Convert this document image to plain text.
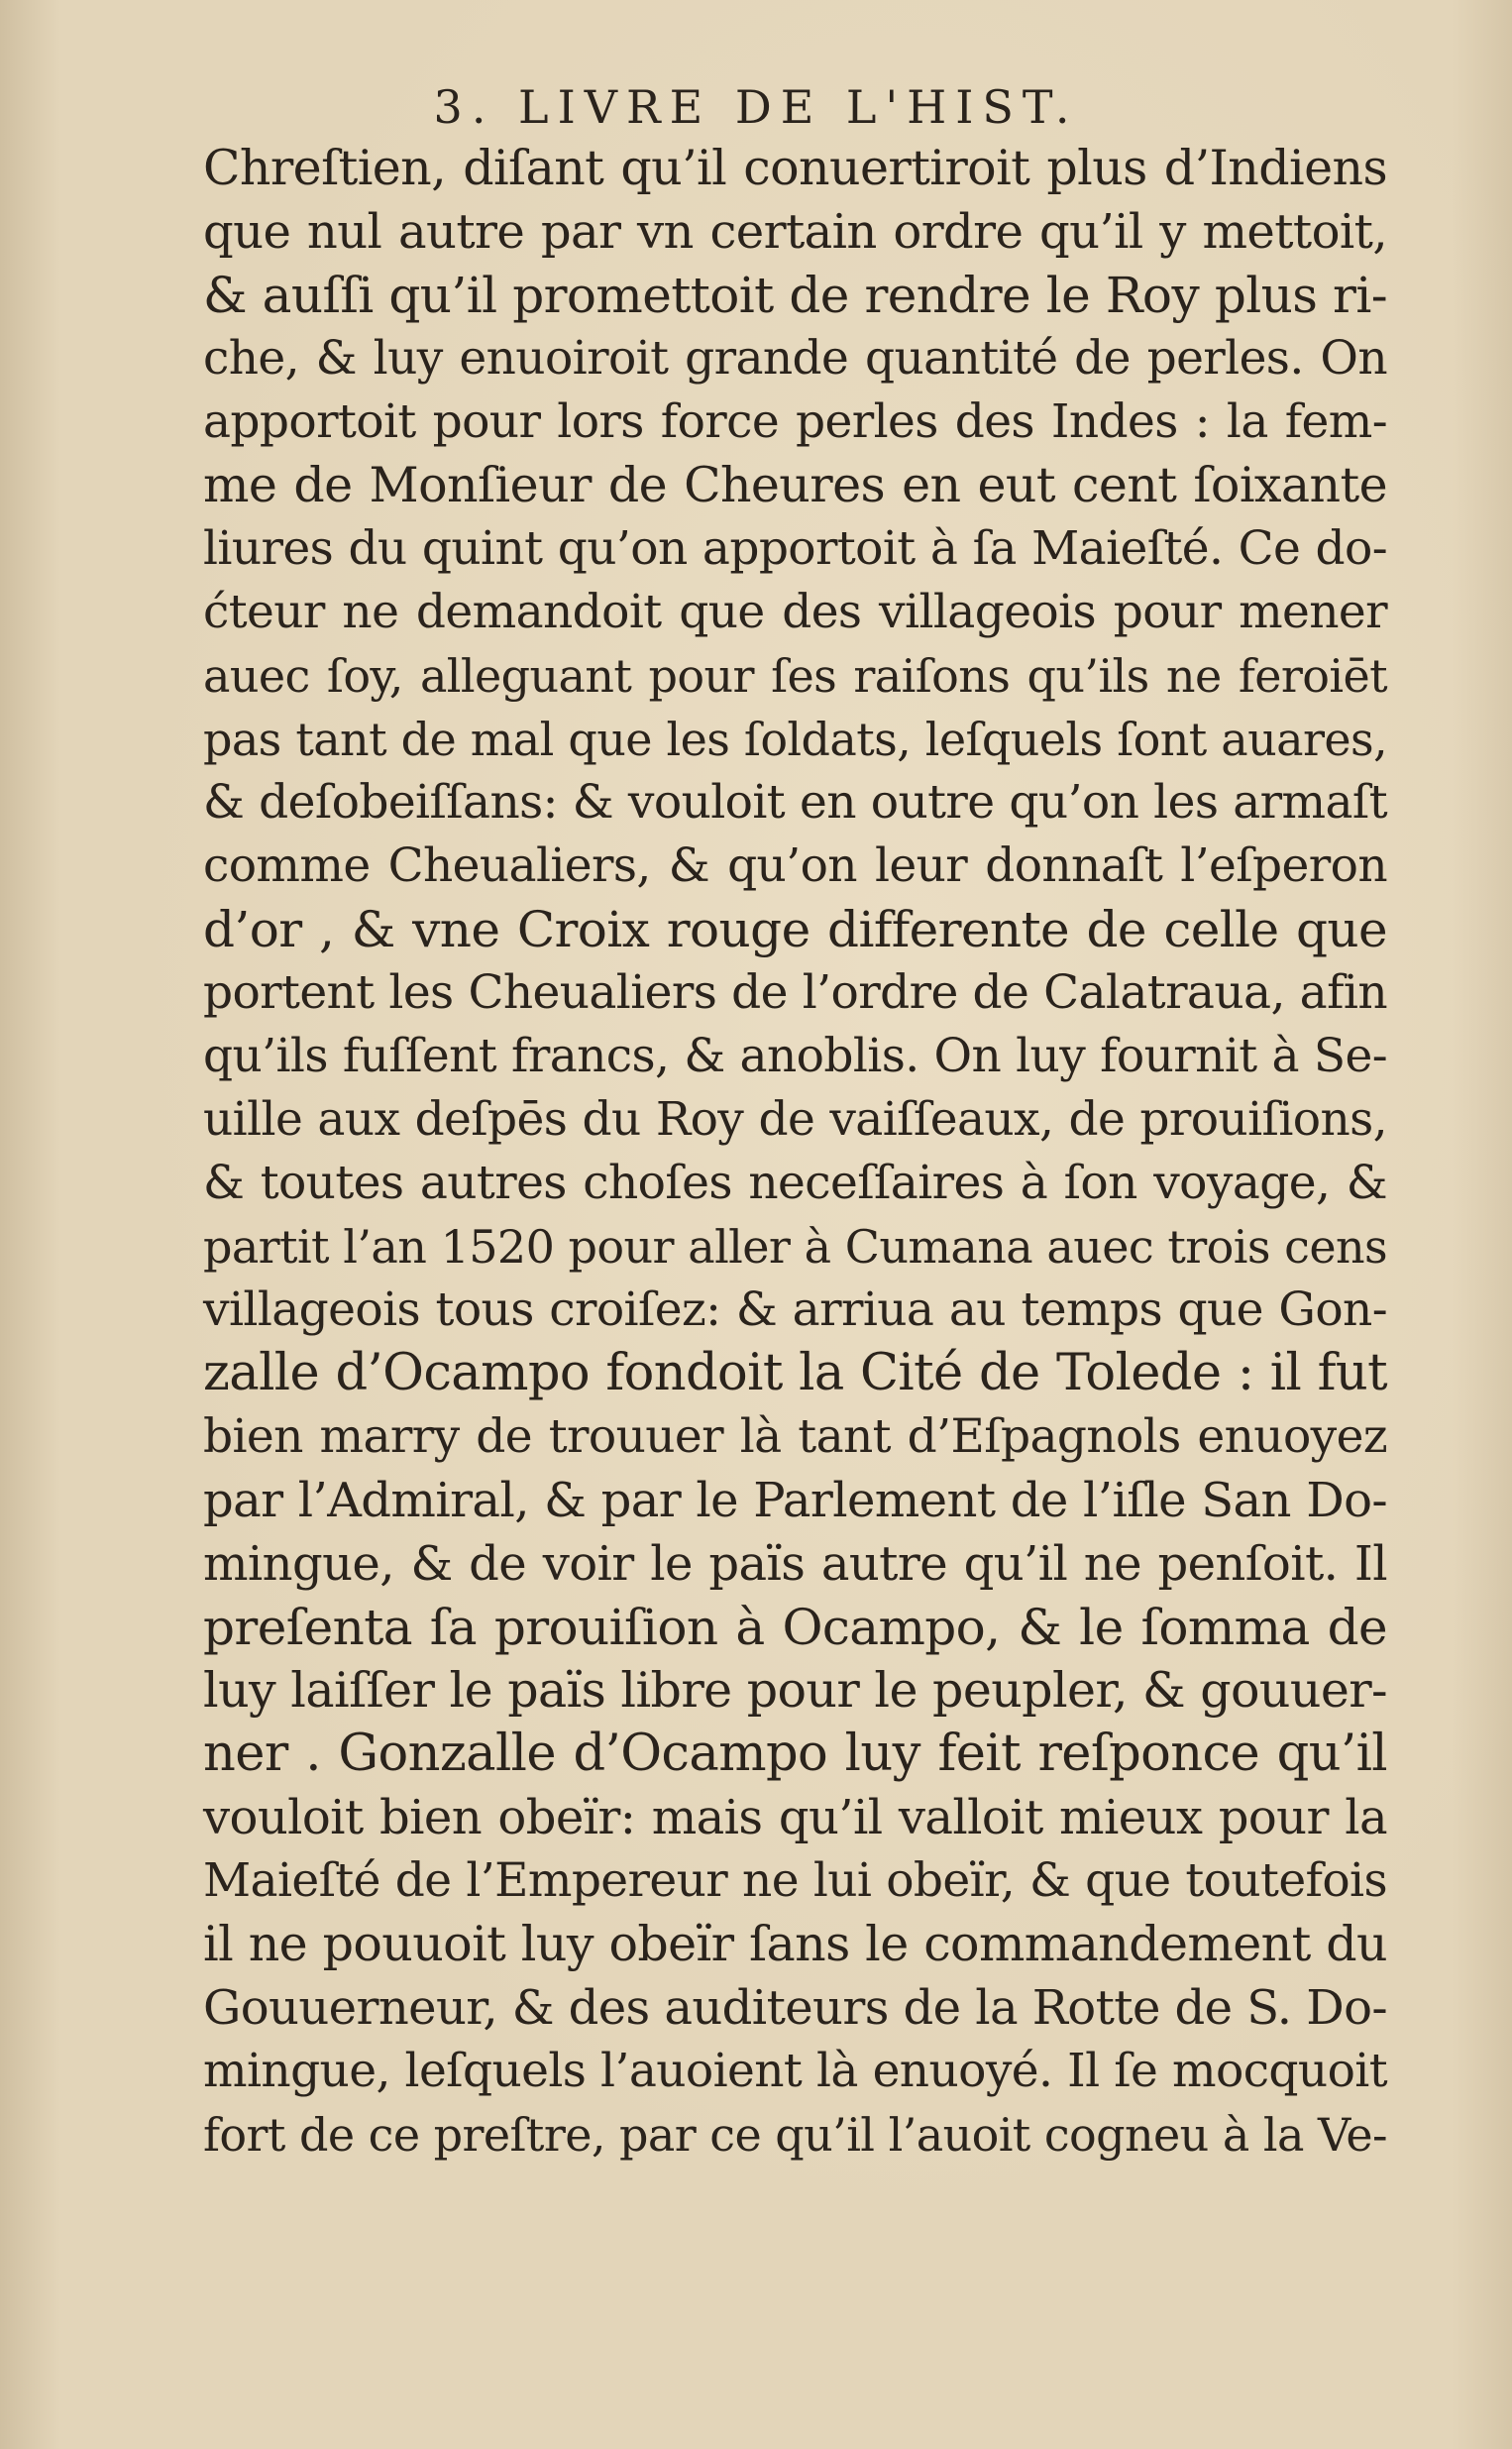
3. LIVRE DE L'HIST.
Chreſtien, diſant qu’il conuertiroit plus d’Indiens
que nul autre par vn certain ordre qu’il y mettoit,
& auſſi qu’il promettoit de rendre le Roy plus ri-
che, & luy enuoiroit grande quantité de perles. On
apportoit pour lors force perles des Indes : la fem-
me de Monſieur de Cheures en eut cent ſoixante
liures du quint qu’on apportoit à ſa Maieſté. Ce do-
ćteur ne demandoit que des villageois pour mener
auec ſoy, alleguant pour ſes raiſons qu’ils ne feroiēt
pas tant de mal que les ſoldats, leſquels ſont auares,
& deſobeiſſans: & vouloit en outre qu’on les armaſt
comme Cheualiers, & qu’on leur donnaſt l’eſperon
d’or , & vne Croix rouge differente de celle que
portent les Cheualiers de l’ordre de Calatraua, afin
qu’ils fuſſent francs, & anoblis. On luy fournit à Se-
uille aux deſpēs du Roy de vaiſſeaux, de prouiſions,
& toutes autres choſes neceſſaires à ſon voyage, &
partit l’an 1520 pour aller à Cumana auec trois cens
villageois tous croiſez: & arriua au temps que Gon-
zalle d’Ocampo fondoit la Cité de Tolede : il fut
bien marry de trouuer là tant d’Eſpagnols enuoyez
par l’Admiral, & par le Parlement de l’iſle San Do-
mingue, & de voir le païs autre qu’il ne penſoit. Il
preſenta ſa prouiſion à Ocampo, & le ſomma de
luy laiſſer le païs libre pour le peupler, & gouuer-
ner . Gonzalle d’Ocampo luy feit reſponce qu’il
vouloit bien obeïr: mais qu’il valloit mieux pour la
Maieſté de l’Empereur ne lui obeïr, & que toutefois
il ne pouuoit luy obeïr ſans le commandement du
Gouuerneur, & des auditeurs de la Rotte de S. Do-
mingue, leſquels l’auoient là enuoyé. Il ſe mocquoit
fort de ce preſtre, par ce qu’il l’auoit cogneu à la Ve-
